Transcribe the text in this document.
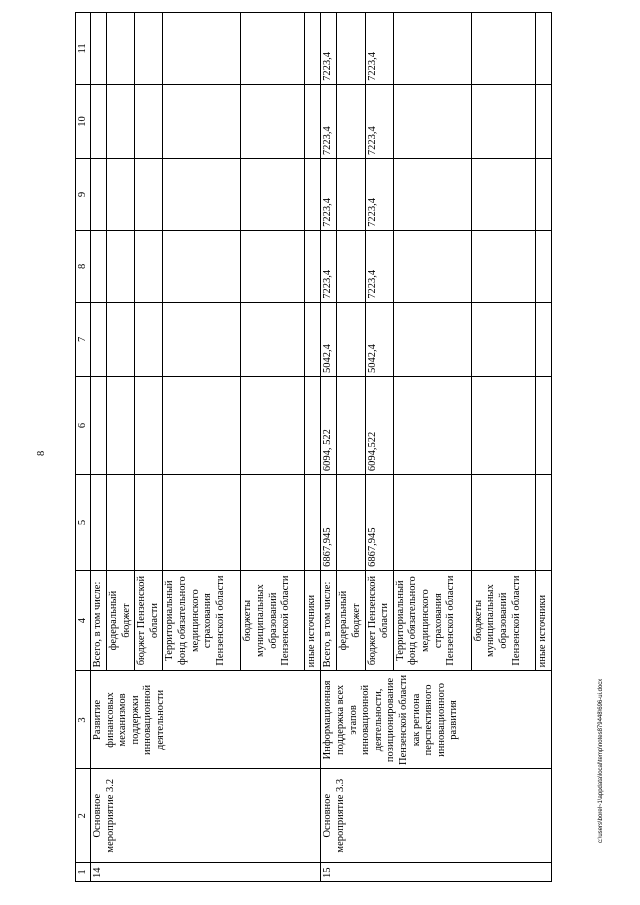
8
c:\users\borel~1\appdata\local\temp\notes879448\696-ui.docx
1	2	3	4	5	6	7	8	9	10	11
14	Основное мероприятие 3.2	Развитие финансовых механизмов поддержки инновационной деятельности	Всего, в том числе:							
			федеральный бюджет							
			бюджет Пензенской области							
			Территориальный фонд обязательного медицинского страхования Пензенской области							
			бюджеты муниципальных образований Пензенской области							
			иные источники							
15	Основное мероприятие 3.3	Информационная поддержка всех этапов инновационной деятельности, позиционирование Пензенской области как региона перспективного инновационного развития	Всего, в том числе:	6867,945	6094, 522	5042,4	7223,4	7223,4	7223,4	7223,4
			федеральный бюджет							
			бюджет Пензенской области	6867,945	6094,522	5042,4	7223,4	7223,4	7223,4	7223,4
			Территориальный фонд обязательного медицинского страхования Пензенской области							
			бюджеты муниципальных образований Пензенской области							
			иные источники							
